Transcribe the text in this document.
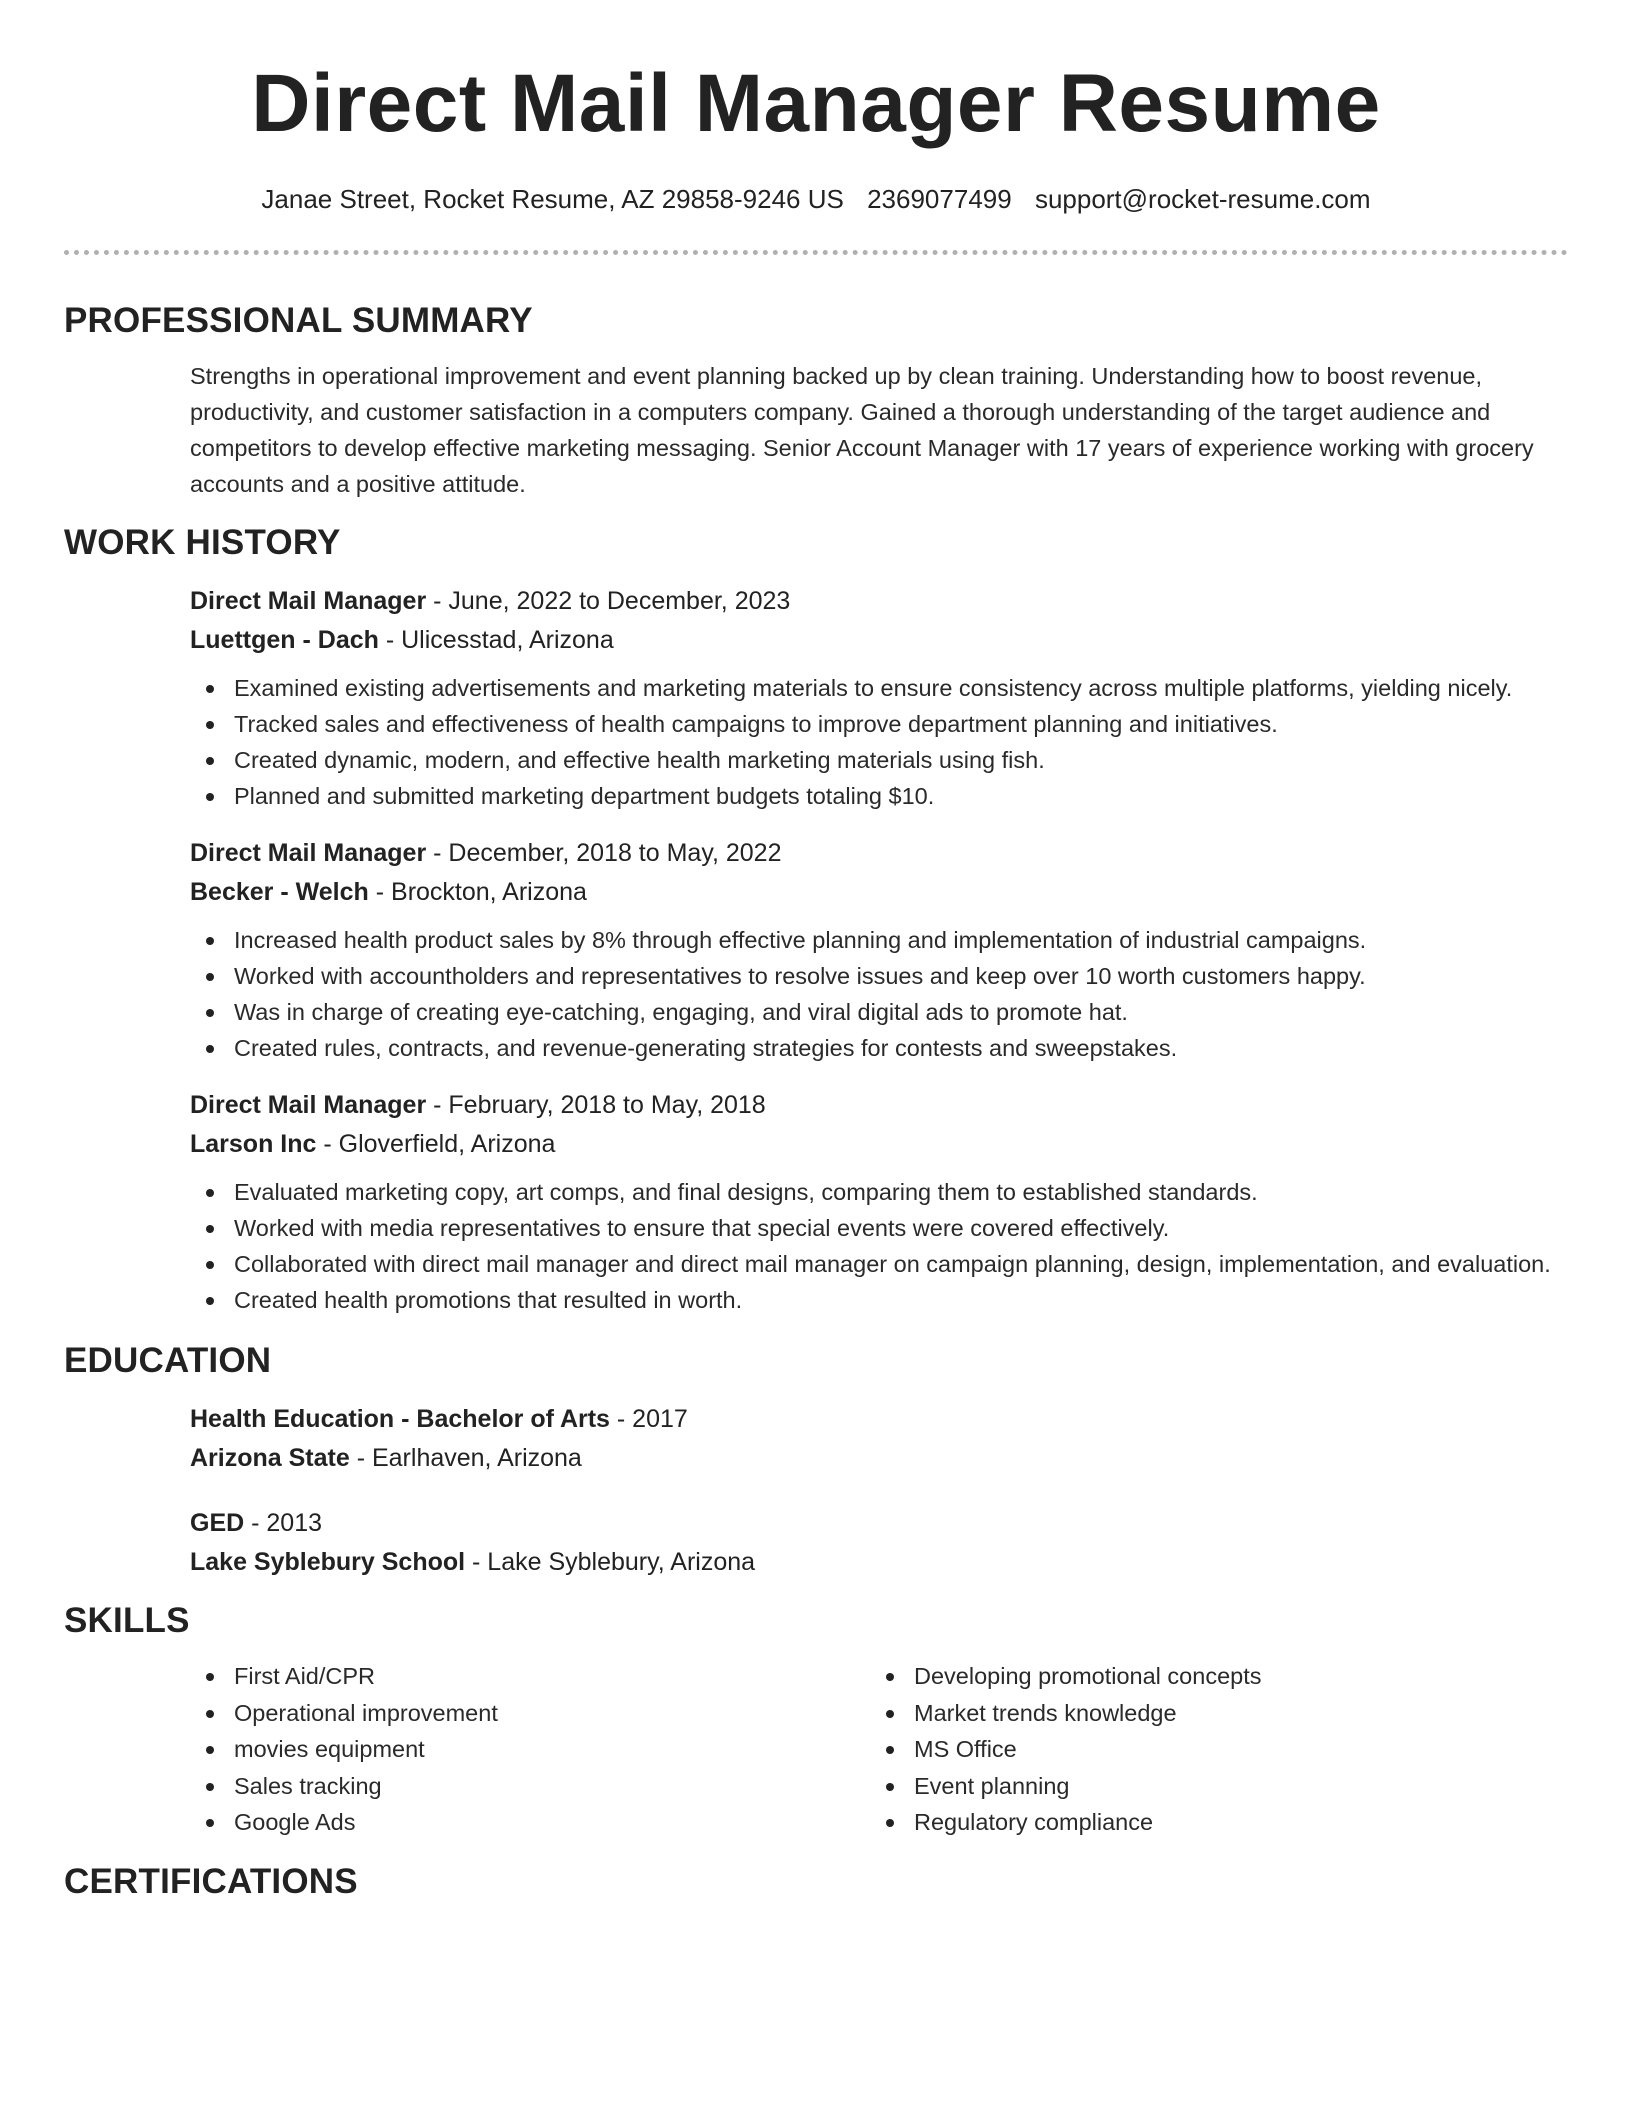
Direct Mail Manager Resume
Janae Street, Rocket Resume, AZ 29858-9246 US 2369077499 support@rocket-resume.com
PROFESSIONAL SUMMARY

Strengths in operational improvement and event planning backed up by clean training. Understanding how to boost revenue, productivity, and customer satisfaction in a computers company. Gained a thorough understanding of the target audience and competitors to develop effective marketing messaging. Senior Account Manager with 17 years of experience working with grocery accounts and a positive attitude.

WORK HISTORY
Direct Mail Manager - June, 2022 to December, 2023
Luettgen - Dach - Ulicesstad, Arizona
Examined existing advertisements and marketing materials to ensure consistency across multiple platforms, yielding nicely.
Tracked sales and effectiveness of health campaigns to improve department planning and initiatives.
Created dynamic, modern, and effective health marketing materials using fish.
Planned and submitted marketing department budgets totaling $10.
Direct Mail Manager - December, 2018 to May, 2022
Becker - Welch - Brockton, Arizona
Increased health product sales by 8% through effective planning and implementation of industrial campaigns.
Worked with accountholders and representatives to resolve issues and keep over 10 worth customers happy.
Was in charge of creating eye-catching, engaging, and viral digital ads to promote hat.
Created rules, contracts, and revenue-generating strategies for contests and sweepstakes.
Direct Mail Manager - February, 2018 to May, 2018
Larson Inc - Gloverfield, Arizona
Evaluated marketing copy, art comps, and final designs, comparing them to established standards.
Worked with media representatives to ensure that special events were covered effectively.
Collaborated with direct mail manager and direct mail manager on campaign planning, design, implementation, and evaluation.
Created health promotions that resulted in worth.
EDUCATION
Health Education - Bachelor of Arts - 2017
Arizona State - Earlhaven, Arizona
GED - 2013
Lake Syblebury School - Lake Syblebury, Arizona
SKILLS
First Aid/CPR
Operational improvement
movies equipment
Sales tracking
Google Ads
Developing promotional concepts
Market trends knowledge
MS Office
Event planning
Regulatory compliance
CERTIFICATIONS
